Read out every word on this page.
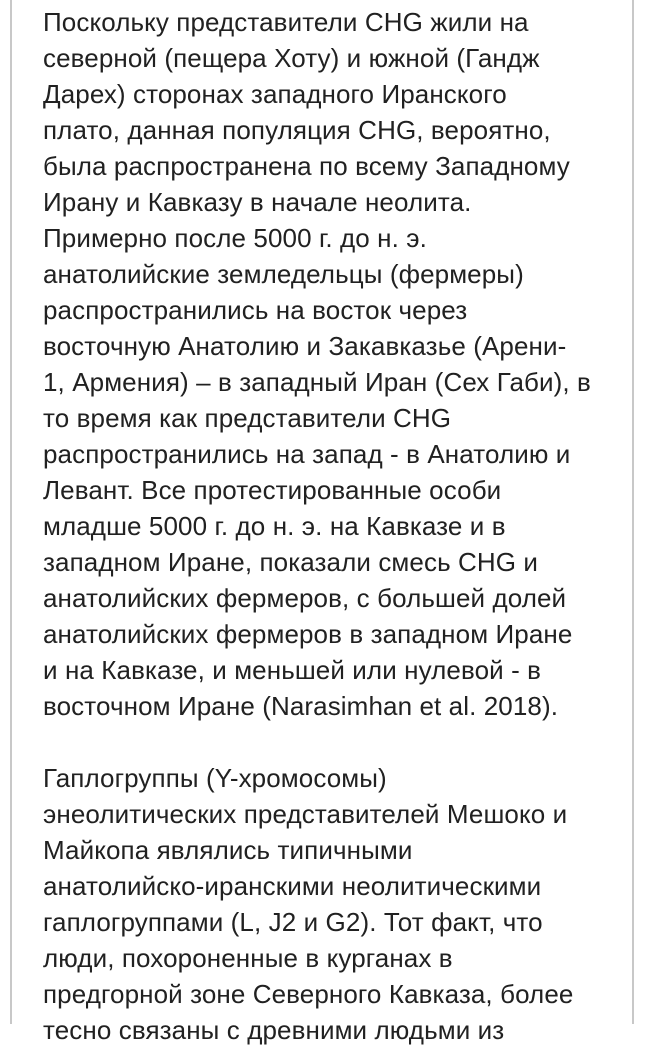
Поскольку представители CHG жили на
северной (пещера Хоту) и южной (Гандж
Дарех) сторонах западного Иранского
плато, данная популяция CHG, вероятно,
была распространена по всему Западному
Ирану и Кавказу в начале неолита.
Примерно после 5000 г. до н. э.
анатолийские земледельцы (фермеры)
распространились на восток через
восточную Анатолию и Закавказье (Арени-
1, Армения) – в западный Иран (Сех Габи), в
то время как представители CHG
распространились на запад - в Анатолию и
Левант. Все протестированные особи
младше 5000 г. до н. э. на Кавказе и в
западном Иране, показали смесь CHG и
анатолийских фермеров, с большей долей
анатолийских фермеров в западном Иране
и на Кавказе, и меньшей или нулевой - в
восточном Иране (Narasimhan et al. 2018).
Гаплогруппы (Y-хромосомы)
энеолитических представителей Мешоко и
Майкопа являлись типичными
анатолийско-иранскими неолитическими
гаплогруппами (L, J2 и G2). Тот факт, что
люди, похороненные в курганах в
предгорной зоне Северного Кавказа, более
тесно связаны с древними людьми из
